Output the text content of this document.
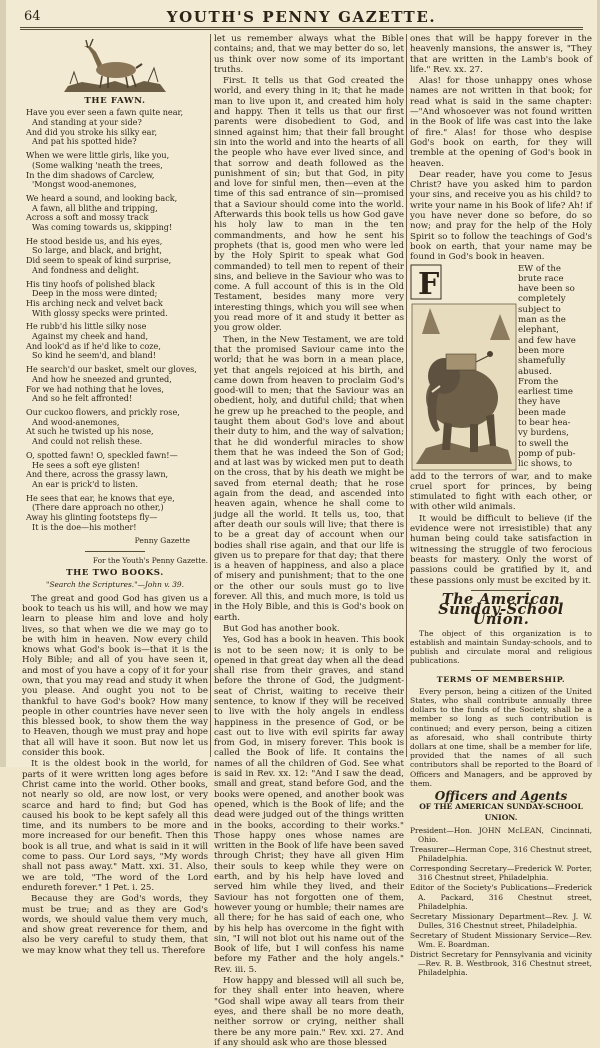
64	YOUTH'S PENNY GAZETTE.
THE FAWN.
Have you ever seen a fawn quite near,
And standing at your side?
And did you stroke his silky ear,
And pat his spotted hide?
When we were little girls, like you,
(Some walking 'neath the trees,
In the dim shadows of Carclew,
'Mongst wood-anemones,
We heard a sound, and looking back,
A fawn, all blithe and tripping,
Across a soft and mossy track
Was coming towards us, skipping!
He stood beside us, and his eyes,
So large, and black, and bright,
Did seem to speak of kind surprise,
And fondness and delight.
His tiny hoofs of polished black
Deep in the moss were dinted;
His arching neck and velvet back
With glossy specks were printed.
He rubb'd his little silky nose
Against my cheek and hand,
And look'd as if he'd like to coze,
So kind he seem'd, and bland!
He search'd our basket, smelt our gloves,
And how he sneezed and grunted,
For we had nothing that he loves,
And so he felt affronted!
Our cuckoo flowers, and prickly rose,
And wood-anemones,
At such he twisted up his nose,
And could not relish these.
O, spotted fawn! O, speckled fawn!—
He sees a soft eye glisten!
And there, across the grassy lawn,
An ear is prick'd to listen.
He sees that ear, he knows that eye,
(There dare approach no other,)
Away his glinting footsteps fly—
It is the doe—his mother!
Penny Gazette
For the Youth's Penny Gazette.
THE TWO BOOKS.
"Search the Scriptures."—John v. 39.

The great and good God has given us a book to teach us his will, and how we may learn to please him and love and holy lives, so that when we die we may go to be with him in heaven. Now every child knows what God's book is—that it is the Holy Bible; and all of you have seen it, and most of you have a copy of it for your own, that you may read and study it when you please. And ought you not to be thankful to have God's book? How many people in other countries have never seen this blessed book, to show them the way to Heaven, though we must pray and hope that all will have it soon. But now let us consider this book.

It is the oldest book in the world, for parts of it were written long ages before Christ came into the world. Other books, not nearly so old, are now lost, or very scarce and hard to find; but God has caused his book to be kept safely all this time, and its numbers to be more and more increased for our benefit. Then this book is all true, and what is said in it will come to pass. Our Lord says, "My words shall not pass away." Matt. xxi. 31. Also, we are told, "The word of the Lord endureth forever." 1 Pet. i. 25.

Because they are God's words, they must be true; and as they are God's words, we should value them very much, and show great reverence for them, and also be very careful to study them, that we may know what they tell us. Therefore

let us remember always what the Bible contains; and, that we may better do so, let us think over now some of its important truths.

First. It tells us that God created the world, and every thing in it; that he made man to live upon it, and created him holy and happy. Then it tells us that our first parents were disobedient to God, and sinned against him; that their fall brought sin into the world and into the hearts of all the people who have ever lived since, and that sorrow and death followed as the punishment of sin; but that God, in pity and love for sinful men, then—even at the time of this sad entrance of sin—promised that a Saviour should come into the world. Afterwards this book tells us how God gave his holy law to man in the ten commandments, and how he sent his prophets (that is, good men who were led by the Holy Spirit to speak what God commanded) to tell men to repent of their sins, and believe in the Saviour who was to come. A full account of this is in the Old Testament, besides many more very interesting things, which you will see when you read more of it and study it better as you grow older.

Then, in the New Testament, we are told that the promised Saviour came into the world; that he was born in a mean place, yet that angels rejoiced at his birth, and came down from heaven to proclaim God's good-will to men; that the Saviour was an obedient, holy, and dutiful child; that when he grew up he preached to the people, and taught them about God's love and about their duty to him, and the way of salvation; that he did wonderful miracles to show them that he was indeed the Son of God; and at last was by wicked men put to death on the cross, that by his death we might be saved from eternal death; that he rose again from the dead, and ascended into heaven again, whence he shall come to judge all the world. It tells us, too, that after death our souls will live; that there is to be a great day of account when our bodies shall rise again, and that our life is given us to prepare for that day; that there is a heaven of happiness, and also a place of misery and punishment; that to the one or the other our souls must go to live forever. All this, and much more, is told us in the Holy Bible, and this is God's book on earth.

But God has another book.

Yes, God has a book in heaven. This book is not to be seen now; it is only to be opened in that great day when all the dead shall rise from their graves, and stand before the throne of God, the judgment-seat of Christ, waiting to receive their sentence, to know if they will be received to live with the holy angels in endless happiness in the presence of God, or be cast out to live with evil spirits far away from God, in misery forever. This book is called the Book of life. It contains the names of all the children of God. See what is said in Rev. xx. 12: "And I saw the dead, small and great, stand before God, and the books were opened, and another book was opened, which is the Book of life; and the dead were judged out of the things written in the books, according to their works." Those happy ones whose names are written in the Book of life have been saved through Christ; they have all given Him their souls to keep while they were on earth, and by his help have loved and served him while they lived, and their Saviour has not forgotten one of them, however young or humble; their names are all there; for he has said of each one, who by his help has overcome in the fight with sin, "I will not blot out his name out of the Book of life, but I will confess his name before my Father and the holy angels." Rev. iii. 5.

How happy and blessed will all such be, for they shall enter into heaven, where "God shall wipe away all tears from their eyes, and there shall be no more death, neither sorrow or crying, neither shall there be any more pain." Rev. xxi. 27. And if any should ask who are those blessed

ones that will be happy forever in the heavenly mansions, the answer is, "They that are written in the Lamb's book of life." Rev. xx. 27.

Alas! for those unhappy ones whose names are not written in that book; for read what is said in the same chapter:—"And whosoever was not found written in the Book of life was cast into the lake of fire." Alas! for those who despise God's book on earth, for they will tremble at the opening of God's book in heaven.

Dear reader, have you come to Jesus Christ? have you asked him to pardon your sins, and receive you as his child? to write your name in his Book of life? Ah! if you have never done so before, do so now; and pray for the help of the Holy Spirit so to follow the teachings of God's book on earth, that your name may be found in God's book in heaven.

F	EW of the
brute race
have been so
completely
subject to
man as the
elephant,
and few have
been more
shamefully
abused.
From the
earliest time
they have
been made
to bear hea-
vy burdens,
to swell the
pomp of pub-
lic shows, to

add to the terrors of war, and to make cruel sport for princes, by being stimulated to fight with each other, or with other wild animals.

It would be difficult to believe (if the evidence were not irresistible) that any human being could take satisfaction in witnessing the struggle of two ferocious beasts for mastery. Only the worst of passions could be gratified by it, and these passions only must be excited by it.

The American Sunday-School Union.

The object of this organization is to establish and maintain Sunday-schools, and to publish and circulate moral and religious publications.

TERMS OF MEMBERSHIP.

Every person, being a citizen of the United States, who shall contribute annually three dollars to the funds of the Society, shall be a member so long as such contribution is continued; and every person, being a citizen as aforesaid, who shall contribute thirty dollars at one time, shall be a member for life, provided that the names of all such contributors shall be reported to the Board of Officers and Managers, and be approved by them.

Officers and Agents
OF THE AMERICAN SUNDAY-SCHOOL UNION.

President—Hon. JOHN McLEAN, Cincinnati, Ohio.

Treasurer—Herman Cope, 316 Chestnut street, Philadelphia.

Corresponding Secretary—Frederick W. Porter, 316 Chestnut street, Philadelphia.

Editor of the Society's Publications—Frederick A. Packard, 316 Chestnut street, Philadelphia.

Secretary Missionary Department—Rev. J. W. Dulles, 316 Chestnut street, Philadelphia.

Secretary of Student Missionary Service—Rev. Wm. E. Boardman.

District Secretary for Pennsylvania and vicinity—Rev. R. B. Westbrook, 316 Chestnut street, Philadelphia.
